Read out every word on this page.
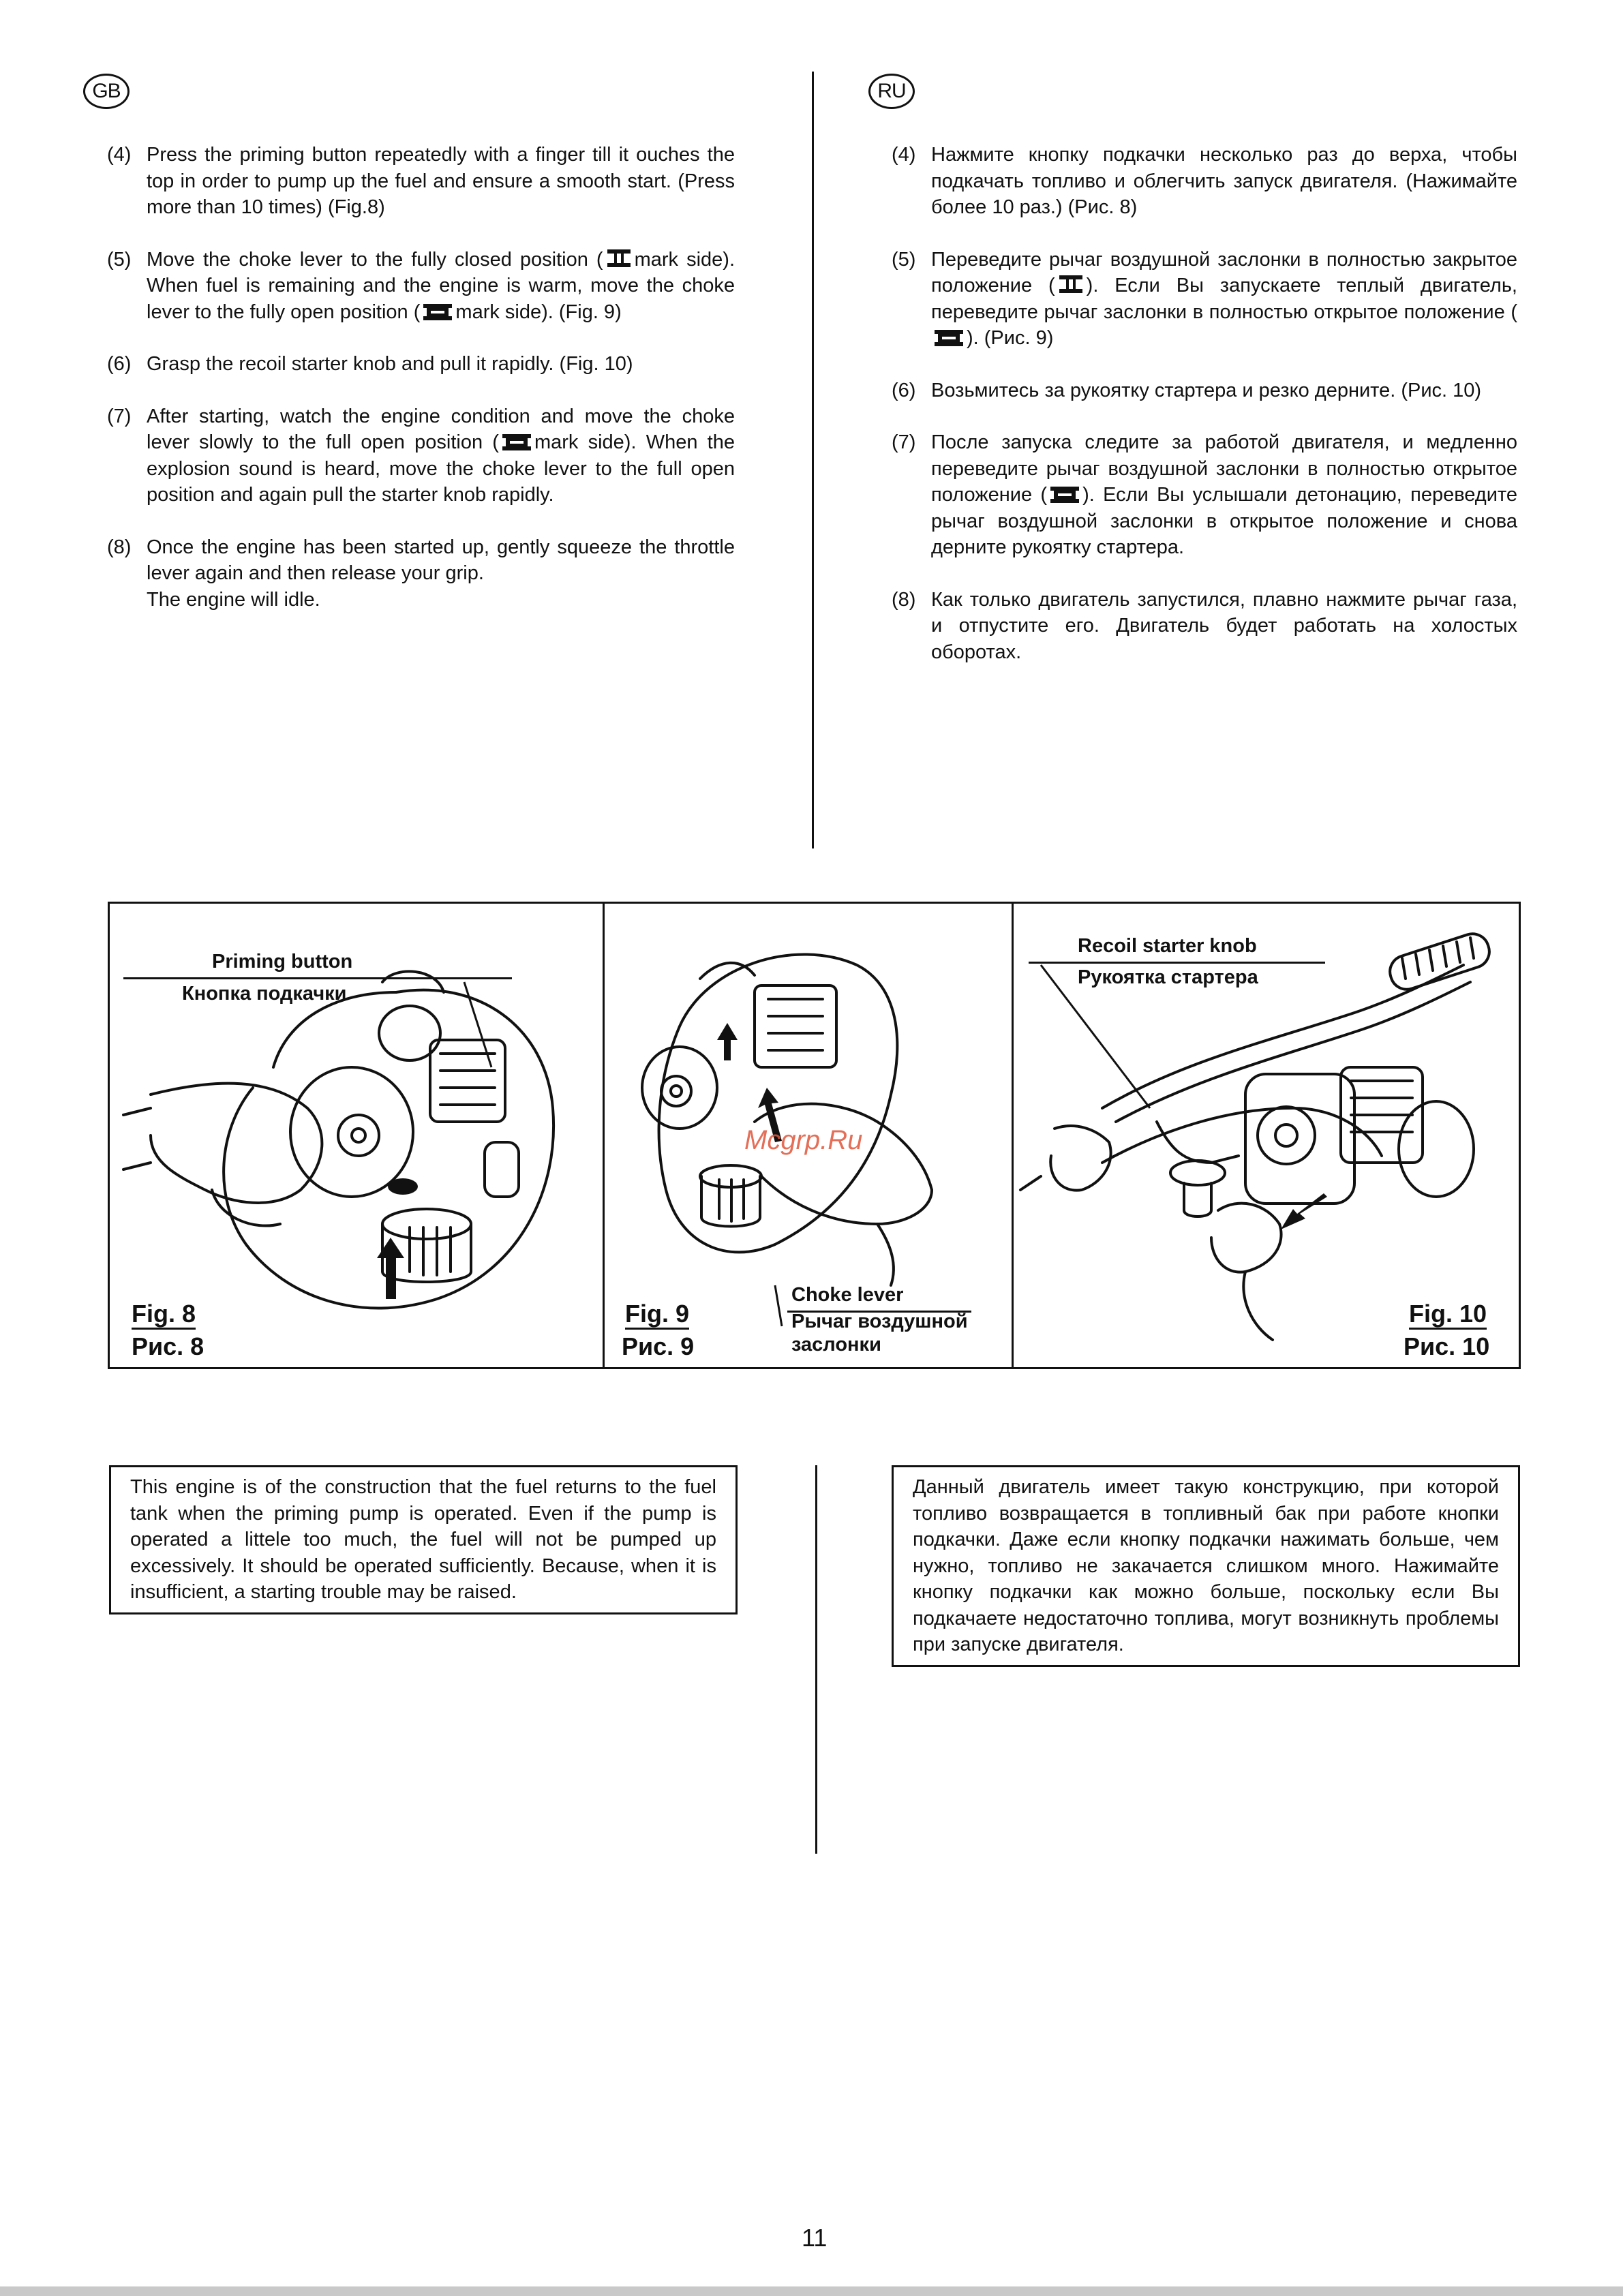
GB	RU
(4) Press the priming button repeatedly with a finger till it ouches the top in order to pump up the fuel and ensure a smooth start. (Press more than 10 times) (Fig.8)
(5) Move the choke lever to the fully closed position ( mark side). When fuel is remaining and the engine is warm, move the choke lever to the fully open position ( mark side). (Fig. 9)
(6) Grasp the recoil starter knob and pull it rapidly. (Fig. 10)
(7) After starting, watch the engine condition and move the choke lever slowly to the full open position ( mark side). When the explosion sound is heard, move the choke lever to the full open position and again pull the starter knob rapidly.
(8) Once the engine has been started up, gently squeeze the throttle lever again and then release your grip.
The engine will idle.
(4) Нажмите кнопку подкачки несколько раз до верха, чтобы подкачать топливо и облегчить запуск двигателя. (Нажимайте более 10 раз.) (Рис. 8)
(5) Переведите рычаг воздушной заслонки в полностью закрытое положение ( ). Если Вы запускаете теплый двигатель, переведите рычаг заслонки в полностью открытое положение (). (Рис. 9)
(6) Возьмитесь за рукоятку стартера и резко дерните. (Рис. 10)
(7) После запуска следите за работой двигателя, и медленно переведите рычаг воздушной заслонки в полностью открытое положение ( ). Если Вы услышали детонацию, переведите рычаг воздушной заслонки в открытое положение и снова дерните рукоятку стартера.
(8) Как только двигатель запустился, плавно нажмите рычаг газа, и отпустите его. Двигатель будет работать на холостых оборотах.
Priming button
Кнопка подкачки
Fig. 8
Рис. 8
Mcgrp.Ru
Choke lever
Рычаг воздушной
заслонки
Fig. 9
Рис. 9
Recoil starter knob
Рукоятка стартера
Fig. 10
Рис. 10
This engine is of the construction that the fuel returns to the fuel tank when the priming pump is operated. Even if the pump is operated a littele too much, the fuel will not be pumped up excessively. It should be operated sufficiently. Because, when it is insufficient, a starting trouble may be raised.
Данный двигатель имеет такую конструкцию, при которой топливо возвращается в топливный бак при работе кнопки подкачки. Даже если кнопку подкачки нажимать больше, чем нужно, топливо не закачается слишком много. Нажимайте кнопку подкачки как можно больше, поскольку если Вы подкачаете недостаточно топлива, могут возникнуть проблемы при запуске двигателя.
11
